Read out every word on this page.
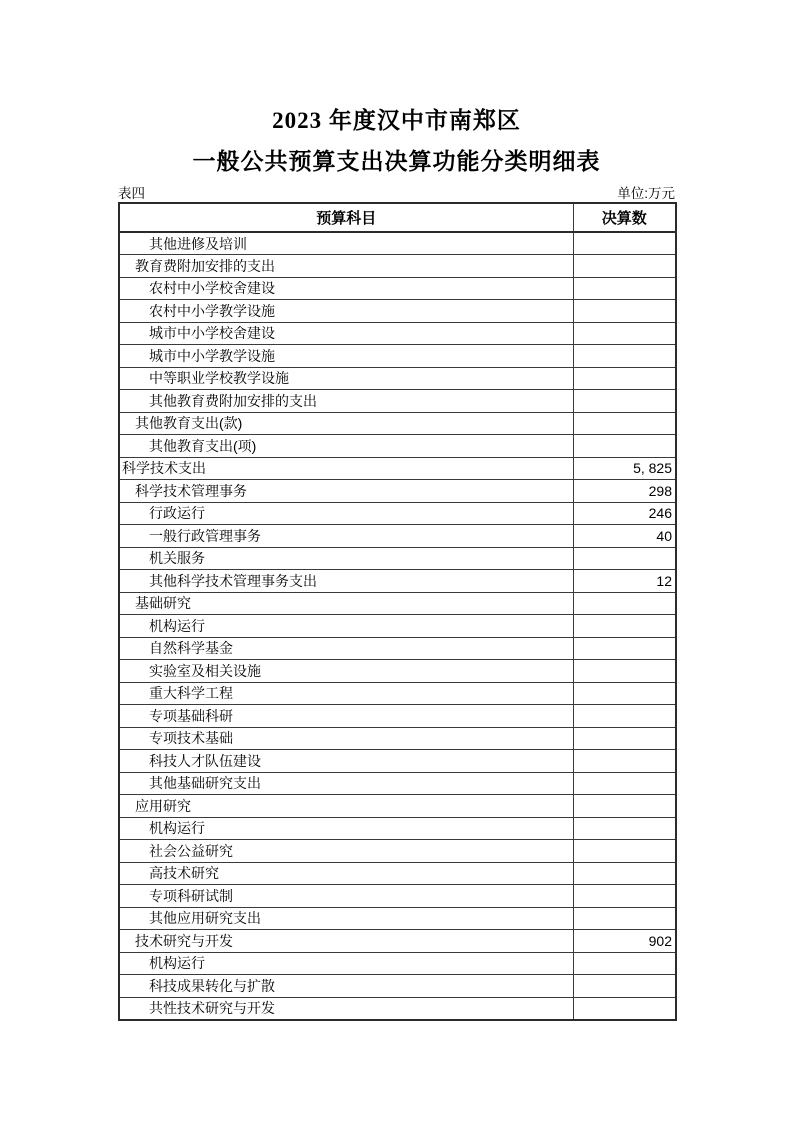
2023 年度汉中市南郑区
一般公共预算支出决算功能分类明细表
表四	单位:万元
预算科目	决算数
其他进修及培训	
教育费附加安排的支出	
农村中小学校舍建设	
农村中小学教学设施	
城市中小学校舍建设	
城市中小学教学设施	
中等职业学校教学设施	
其他教育费附加安排的支出	
其他教育支出(款)	
其他教育支出(项)	
科学技术支出	5, 825
科学技术管理事务	298
行政运行	246
一般行政管理事务	40
机关服务	
其他科学技术管理事务支出	12
基础研究	
机构运行	
自然科学基金	
实验室及相关设施	
重大科学工程	
专项基础科研	
专项技术基础	
科技人才队伍建设	
其他基础研究支出	
应用研究	
机构运行	
社会公益研究	
高技术研究	
专项科研试制	
其他应用研究支出	
技术研究与开发	902
机构运行	
科技成果转化与扩散	
共性技术研究与开发	
